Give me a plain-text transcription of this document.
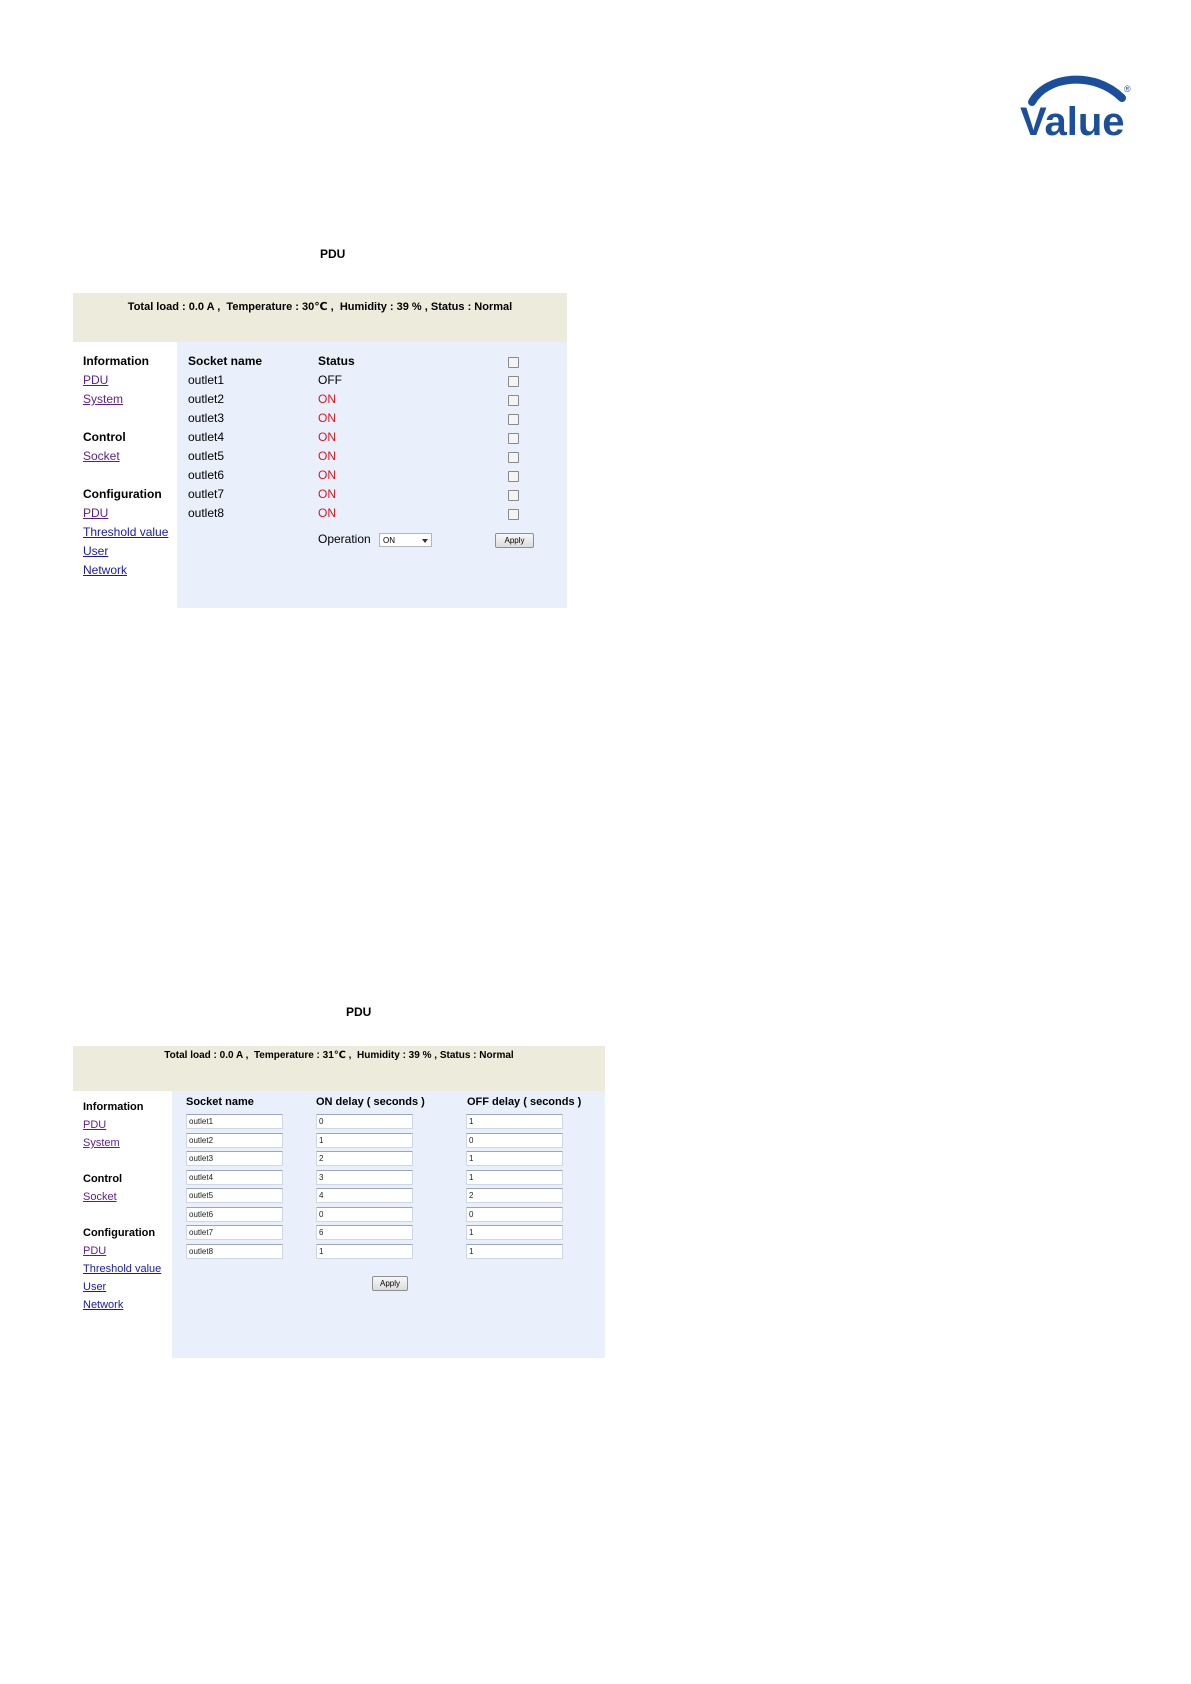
Value
®
PDU
Total load : 0.0 A , Temperature : 30℃ , Humidity : 39 % , Status : Normal
Information
PDU
System
Control
Socket
Configuration
PDU
Threshold value
User
Network
Socket name	Status
outlet1	OFF
outlet2	ON
outlet3	ON
outlet4	ON
outlet5	ON
outlet6	ON
outlet7	ON
outlet8	ON
Operation	ON	Apply
PDU
Total load : 0.0 A , Temperature : 31℃ , Humidity : 39 % , Status : Normal
Information
PDU
System
Control
Socket
Configuration
PDU
Threshold value
User
Network
Socket name	ON delay ( seconds )	OFF delay ( seconds )
outlet1	0	1
outlet2	1	0
outlet3	2	1
outlet4	3	1
outlet5	4	2
outlet6	0	0
outlet7	6	1
outlet8	1	1
Apply
